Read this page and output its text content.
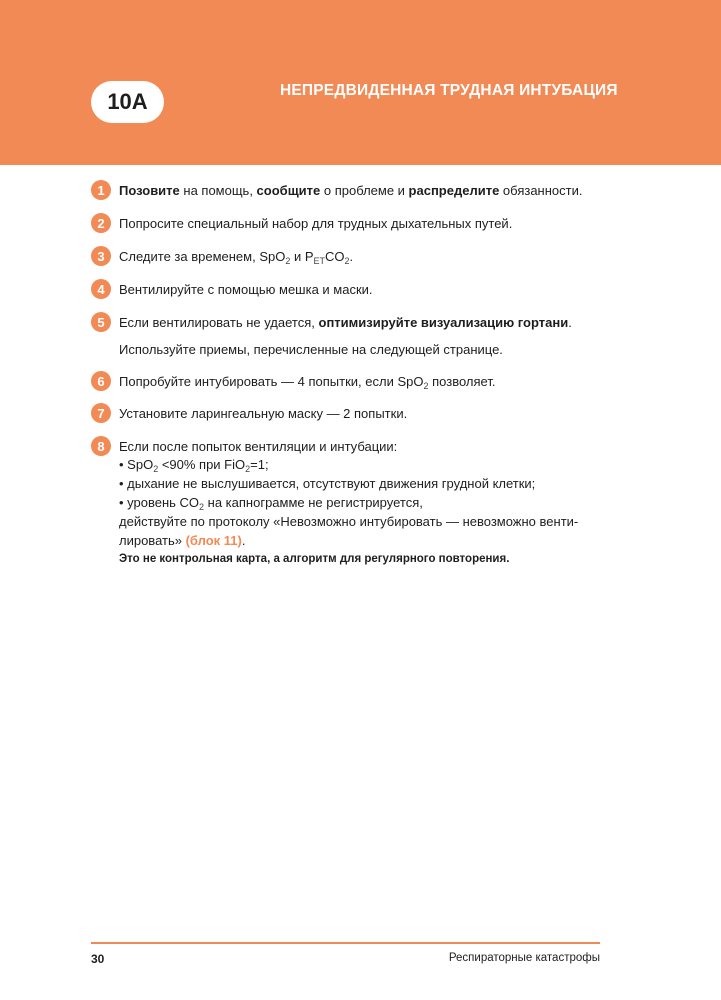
10A	НЕПРЕДВИДЕННАЯ ТРУДНАЯ ИНТУБАЦИЯ
1	Позовите на помощь, сообщите о проблеме и распределите обязанности.
2	Попросите специальный набор для трудных дыхательных путей.
3	Следите за временем, SpO$_2$ и $P_{ET}CO_2$.
4	Вентилируйте с помощью мешка и маски.
5	Если вентилировать не удается, оптимизируйте визуализацию гортани.
Используйте приемы, перечисленные на следующей странице.
6	Попробуйте интубировать — 4 попытки, если SpO$_2$ позволяет.
7	Установите ларингеальную маску — 2 попытки.
8	Если после попыток вентиляции и интубации:
• SpO$_2$ <90% при FiO$_2$=1;
• дыхание не выслушивается, отсутствуют движения грудной клетки;
• уровень $CO_2$ на капнограмме не регистрируется,
действуйте по протоколу «Невозможно интубировать — невозможно венти-
лировать» (блок 11).
Это не контрольная карта, а алгоритм для регулярного повторения.
30	Респираторные катастрофы
